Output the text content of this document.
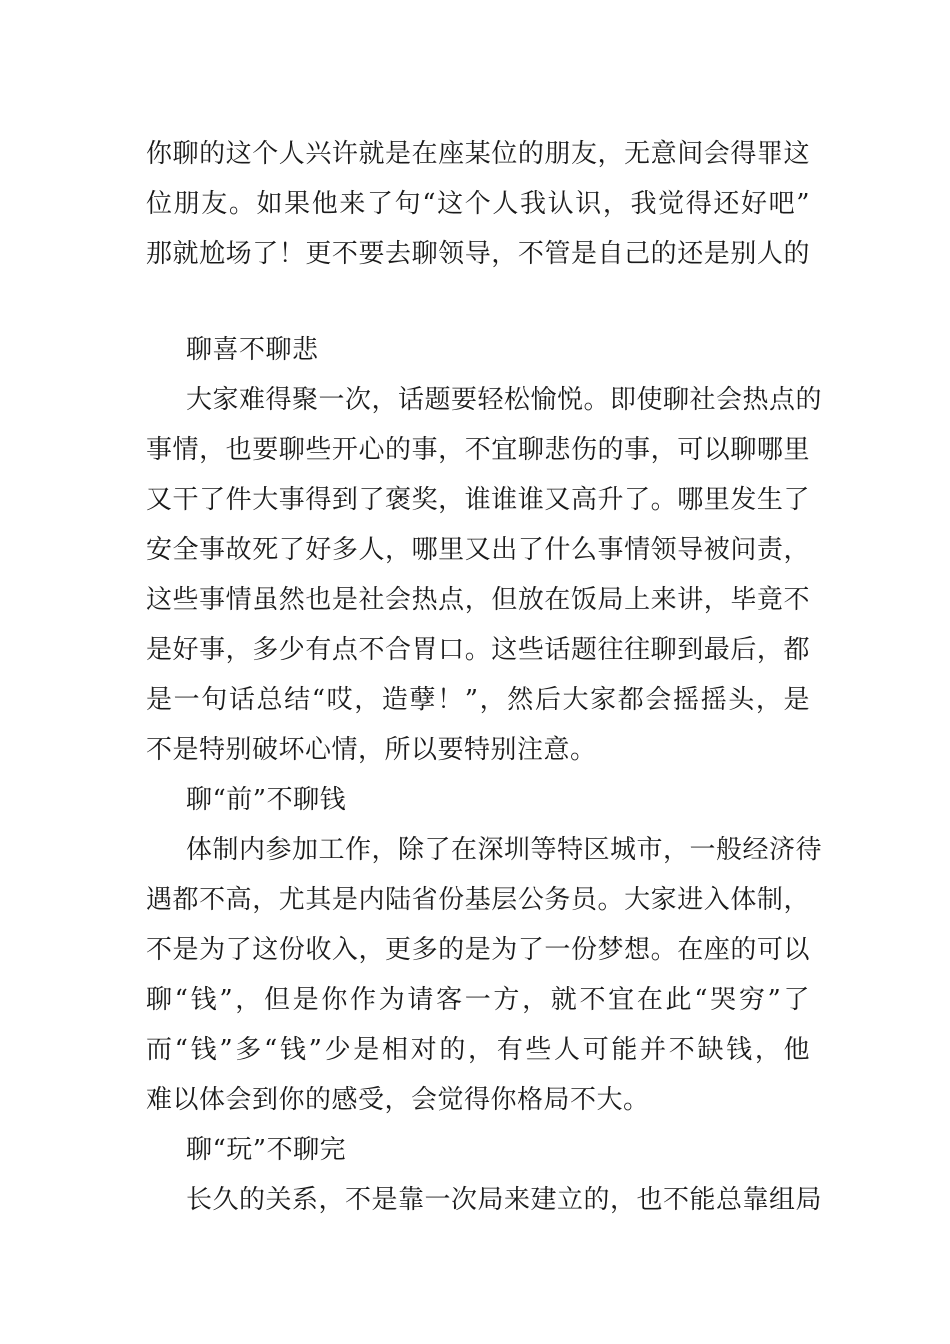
你聊的这个人兴许就是在座某位的朋友，无意间会得罪这
位朋友。如果他来了句“这个人我认识，我觉得还好吧”
那就尬场了！更不要去聊领导，不管是自己的还是别人的
聊喜不聊悲
大家难得聚一次，话题要轻松愉悦。即使聊社会热点的
事情，也要聊些开心的事，不宜聊悲伤的事，可以聊哪里
又干了件大事得到了褒奖，谁谁谁又高升了。哪里发生了
安全事故死了好多人，哪里又出了什么事情领导被问责，
这些事情虽然也是社会热点，但放在饭局上来讲，毕竟不
是好事，多少有点不合胃口。这些话题往往聊到最后，都
是一句话总结“哎，造孽！”，然后大家都会摇摇头，是
不是特别破坏心情，所以要特别注意。
聊“前”不聊钱
体制内参加工作，除了在深圳等特区城市，一般经济待
遇都不高，尤其是内陆省份基层公务员。大家进入体制，
不是为了这份收入，更多的是为了一份梦想。在座的可以
聊“钱”，但是你作为请客一方，就不宜在此“哭穷”了
而“钱”多“钱”少是相对的，有些人可能并不缺钱，他
难以体会到你的感受，会觉得你格局不大。
聊“玩”不聊完
长久的关系，不是靠一次局来建立的，也不能总靠组局
